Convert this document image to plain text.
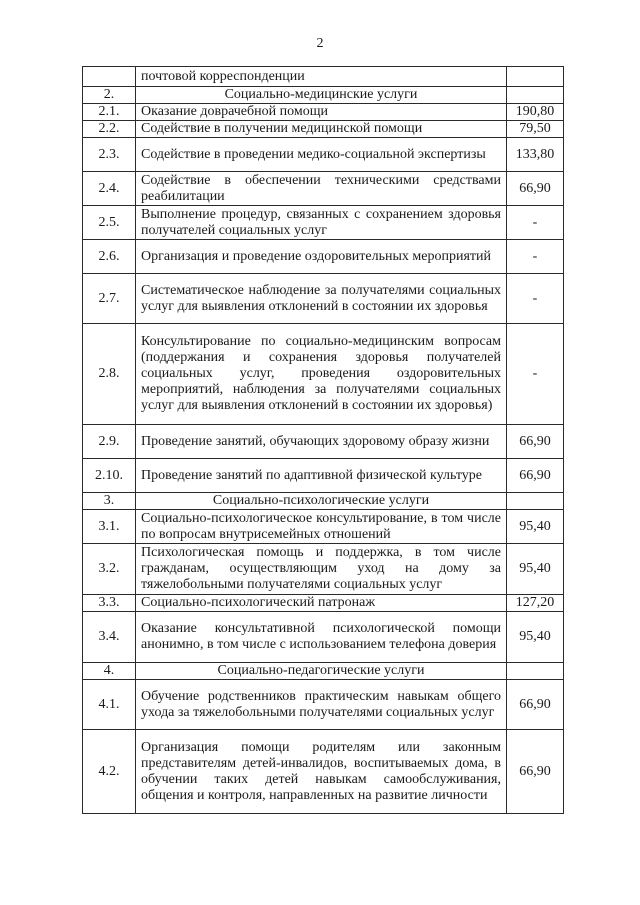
2
	почтовой корреспонденции	
2.	Социально-медицинские услуги	
2.1.	Оказание доврачебной помощи	190,80
2.2.	Содействие в получении медицинской помощи	79,50
2.3.	Содействие в проведении медико-социальной экспертизы	133,80
2.4.	Содействие в обеспечении техническими средствами реабилитации	66,90
2.5.	Выполнение процедур, связанных с сохранением здоровья получателей социальных услуг	-
2.6.	Организация и проведение оздоровительных мероприятий	-
2.7.	Систематическое наблюдение за получателями социальных услуг для выявления отклонений в состоянии их здоровья	-
2.8.	Консультирование по социально-медицинским вопросам (поддержания и сохранения здоровья получателей социальных услуг, проведения оздоровительных мероприятий, наблюдения за получателями социальных услуг для выявления отклонений в состоянии их здоровья)	-
2.9.	Проведение занятий, обучающих здоровому образу жизни	66,90
2.10.	Проведение занятий по адаптивной физической культуре	66,90
3.	Социально-психологические услуги	
3.1.	Социально-психологическое консультирование, в том числе по вопросам внутрисемейных отношений	95,40
3.2.	Психологическая помощь и поддержка, в том числе гражданам, осуществляющим уход на дому за тяжелобольными получателями социальных услуг	95,40
3.3.	Социально-психологический патронаж	127,20
3.4.	Оказание консультативной психологической помощи анонимно, в том числе с использованием телефона доверия	95,40
4.	Социально-педагогические услуги	
4.1.	Обучение родственников практическим навыкам общего ухода за тяжелобольными получателями социальных услуг	66,90
4.2.	Организация помощи родителям или законным представителям детей-инвалидов, воспитываемых дома, в обучении таких детей навыкам самообслуживания, общения и контроля, направленных на развитие личности	66,90
